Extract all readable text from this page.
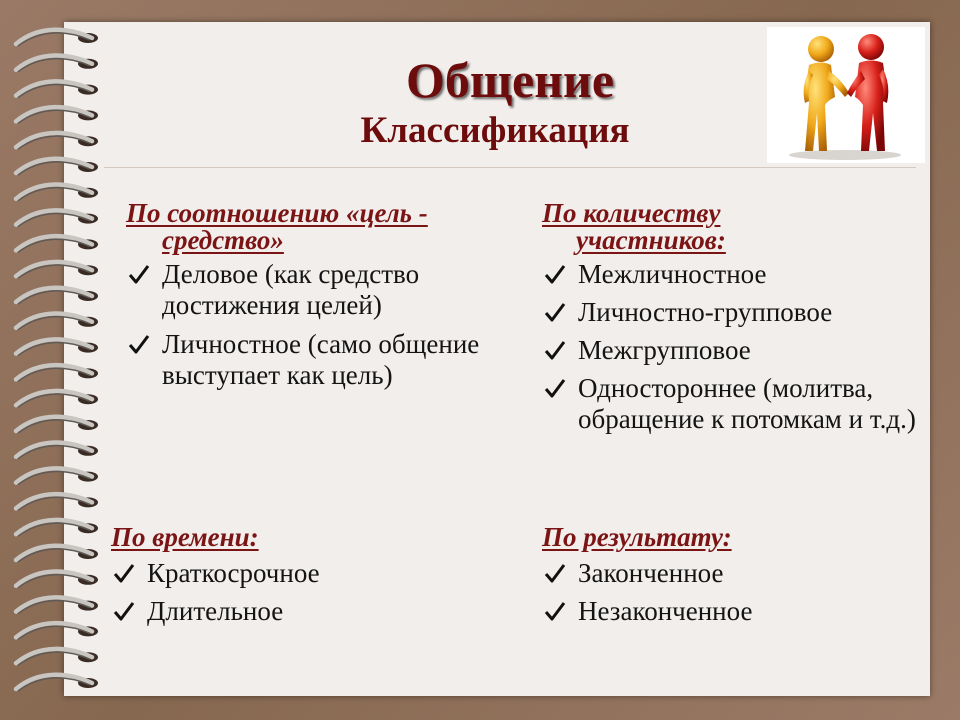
Общение
Классификация
По соотношению «цель -
средство»
Деловое (как средство достижения целей)
Личностное (само общение выступает как цель)
По количеству
участников:
Межличностное
Личностно-групповое
Межгрупповое
Одностороннее (молитва, обращение к потомкам и т.д.)
По времени:
Краткосрочное
Длительное
По результату:
Законченное
Незаконченное
